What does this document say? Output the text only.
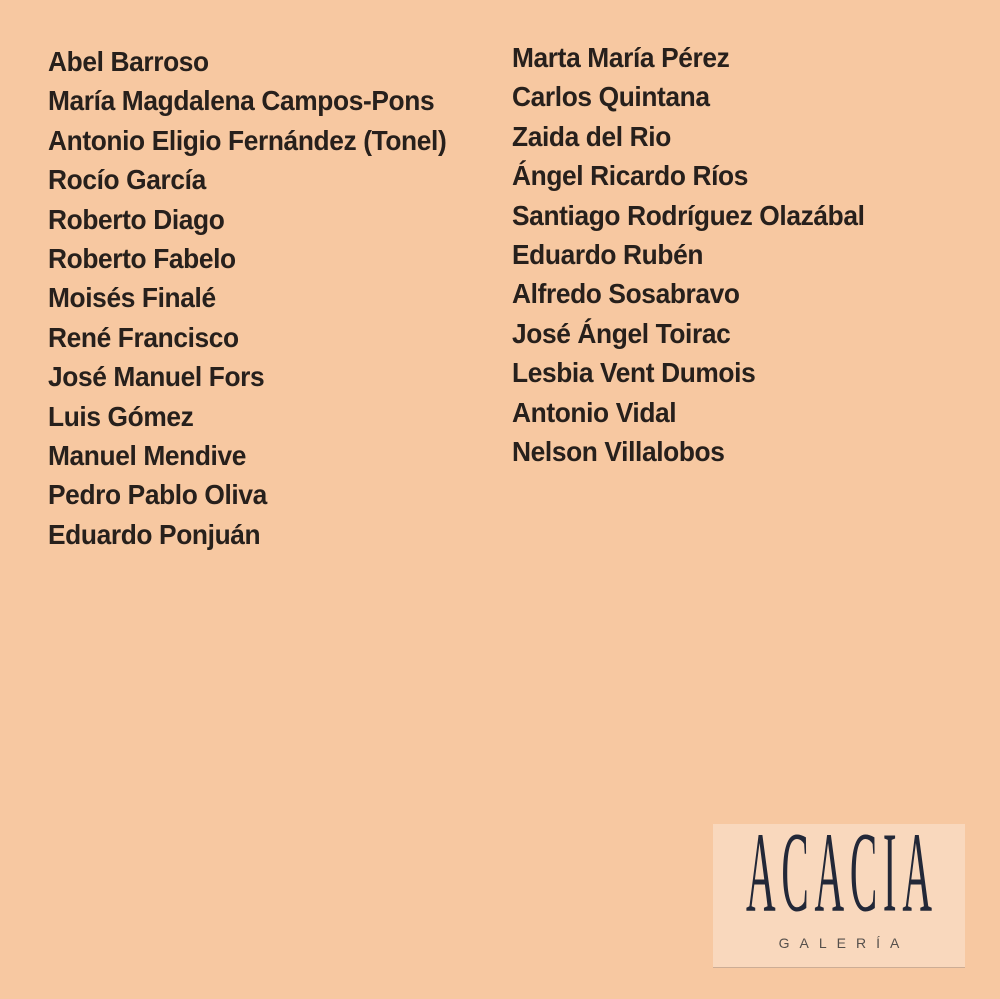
Abel Barroso
María Magdalena Campos-Pons
Antonio Eligio Fernández (Tonel)
Rocío García
Roberto Diago
Roberto Fabelo
Moisés Finalé
René Francisco
José Manuel Fors
Luis Gómez
Manuel Mendive
Pedro Pablo Oliva
Eduardo Ponjuán
Marta María Pérez
Carlos Quintana
Zaida del Rio
Ángel Ricardo Ríos
Santiago Rodríguez Olazábal
Eduardo Rubén
Alfredo Sosabravo
José Ángel Toirac
Lesbia Vent Dumois
Antonio Vidal
Nelson Villalobos
ACACIA
GALERÍA
